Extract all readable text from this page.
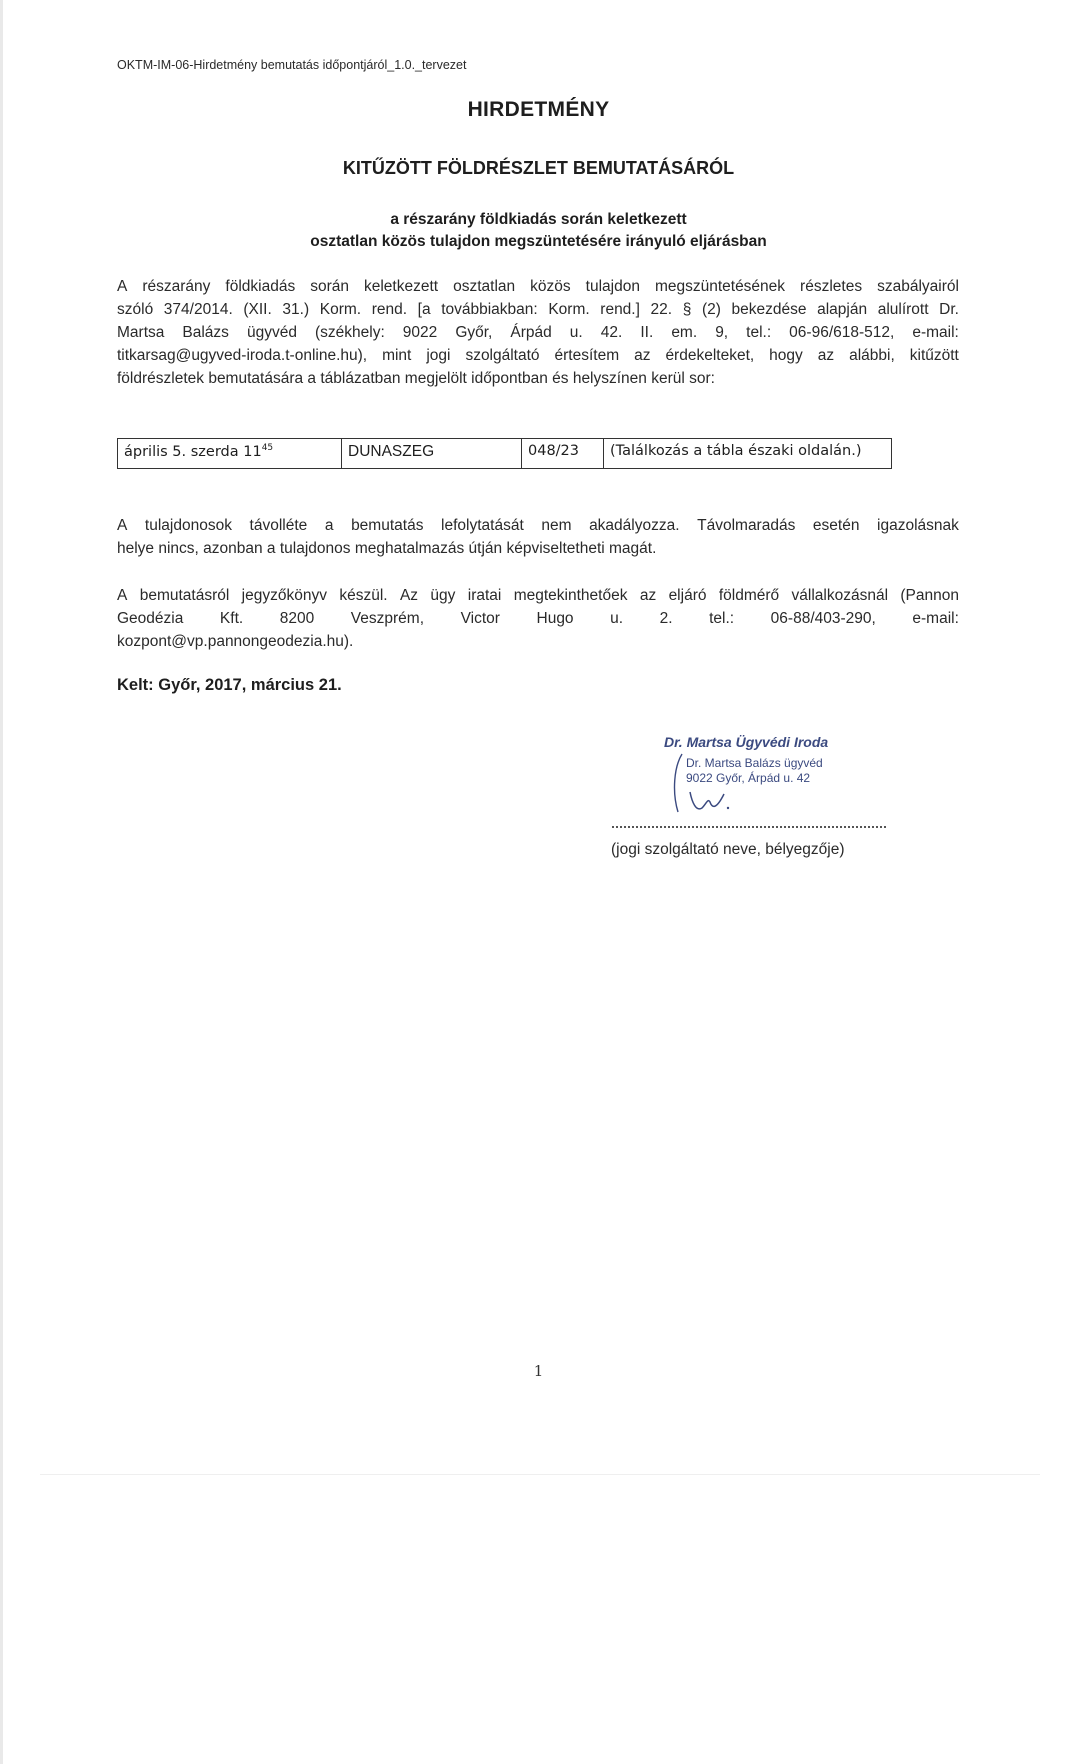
OKTM-IM-06-Hirdetmény bemutatás időpontjáról_1.0._tervezet
HIRDETMÉNY
KITŰZÖTT FÖLDRÉSZLET BEMUTATÁSÁRÓL
a részarány földkiadás során keletkezett
osztatlan közös tulajdon megszüntetésére irányuló eljárásban
A részarány földkiadás során keletkezett osztatlan közös tulajdon megszüntetésének részletes szabályairól
szóló 374/2014. (XII. 31.) Korm. rend. [a továbbiakban: Korm. rend.] 22. § (2) bekezdése alapján alulírott Dr.
Martsa Balázs ügyvéd (székhely: 9022 Győr, Árpád u. 42. II. em. 9, tel.: 06-96/618-512, e-mail:
titkarsag@ugyved-iroda.t-online.hu), mint jogi szolgáltató értesítem az érdekelteket, hogy az alábbi, kitűzött
földrészletek bemutatására a táblázatban megjelölt időpontban és helyszínen kerül sor:
április 5. szerda $11^{45}$	DUNASZEG	048/23	(Találkozás a tábla északi oldalán.)
A tulajdonosok távolléte a bemutatás lefolytatását nem akadályozza. Távolmaradás esetén igazolásnak
helye nincs, azonban a tulajdonos meghatalmazás útján képviseltetheti magát.
A bemutatásról jegyzőkönyv készül. Az ügy iratai megtekinthetőek az eljáró földmérő vállalkozásnál (Pannon
Geodézia Kft. 8200 Veszprém, Victor Hugo u. 2. tel.: 06-88/403-290, e-mail:
kozpont@vp.pannongeodezia.hu).
Kelt: Győr, 2017, március 21.
Dr. Martsa Ügyvédi Iroda
Dr. Martsa Balázs ügyvéd
9022 Győr, Árpád u. 42
(jogi szolgáltató neve, bélyegzője)
1
